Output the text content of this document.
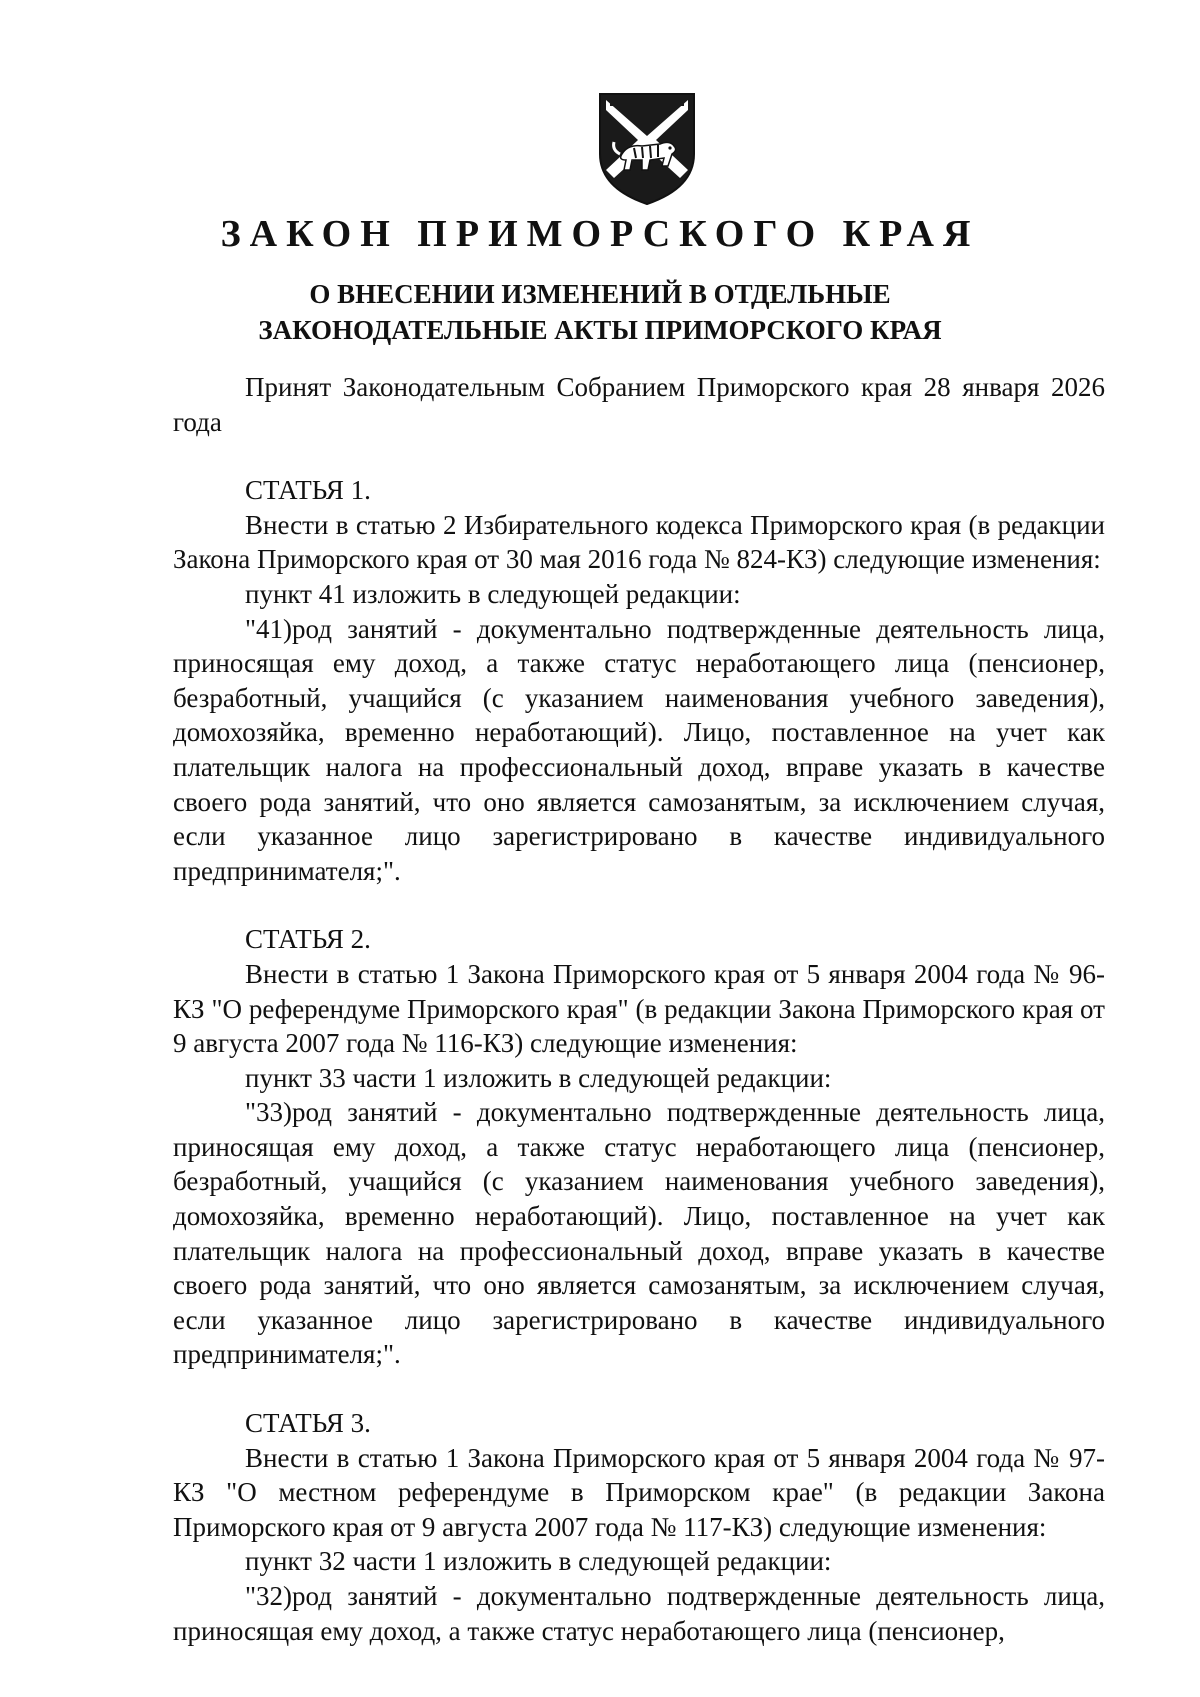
ЗАКОН ПРИМОРСКОГО КРАЯ
О ВНЕСЕНИИ ИЗМЕНЕНИЙ В ОТДЕЛЬНЫЕ
ЗАКОНОДАТЕЛЬНЫЕ АКТЫ ПРИМОРСКОГО КРАЯ

Принят Законодательным Собранием Приморского края 28 января 2026 года

СТАТЬЯ 1.

Внести в статью 2 Избирательного кодекса Приморского края (в редакции Закона Приморского края от 30 мая 2016 года № 824-КЗ) следующие изменения:

пункт 41 изложить в следующей редакции:

"41)род занятий - документально подтвержденные деятельность лица, приносящая ему доход, а также статус неработающего лица (пенсионер, безработный, учащийся (с указанием наименования учебного заведения), домохозяйка, временно неработающий). Лицо, поставленное на учет как плательщик налога на профессиональный доход, вправе указать в качестве своего рода занятий, что оно является самозанятым, за исключением случая, если указанное лицо зарегистрировано в качестве индивидуального предпринимателя;".

СТАТЬЯ 2.

Внести в статью 1 Закона Приморского края от 5 января 2004 года № 96-КЗ "О референдуме Приморского края" (в редакции Закона Приморского края от 9 августа 2007 года № 116-КЗ) следующие изменения:

пункт 33 части 1 изложить в следующей редакции:

"33)род занятий - документально подтвержденные деятельность лица, приносящая ему доход, а также статус неработающего лица (пенсионер, безработный, учащийся (с указанием наименования учебного заведения), домохозяйка, временно неработающий). Лицо, поставленное на учет как плательщик налога на профессиональный доход, вправе указать в качестве своего рода занятий, что оно является самозанятым, за исключением случая, если указанное лицо зарегистрировано в качестве индивидуального предпринимателя;".

СТАТЬЯ 3.

Внести в статью 1 Закона Приморского края от 5 января 2004 года № 97-КЗ "О местном референдуме в Приморском крае" (в редакции Закона Приморского края от 9 августа 2007 года № 117-КЗ) следующие изменения:

пункт 32 части 1 изложить в следующей редакции:

"32)род занятий - документально подтвержденные деятельность лица, приносящая ему доход, а также статус неработающего лица (пенсионер,
